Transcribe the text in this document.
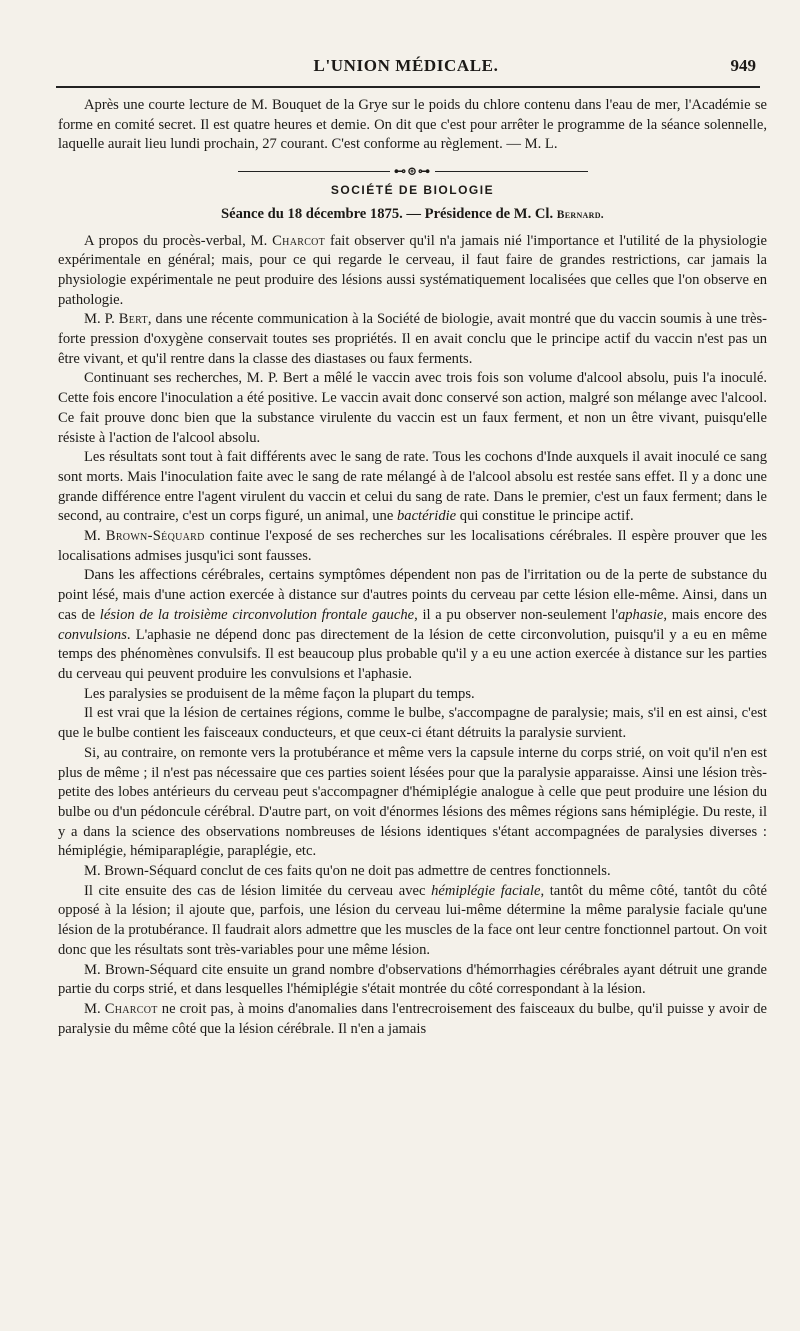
L'UNION MÉDICALE.	949

Après une courte lecture de M. Bouquet de la Grye sur le poids du chlore contenu dans l'eau de mer, l'Académie se forme en comité secret. Il est quatre heures et demie. On dit que c'est pour arrêter le programme de la séance solennelle, laquelle aurait lieu lundi prochain, 27 courant. C'est conforme au règlement. — M. L.

⊷⊚⊶
SOCIÉTÉ DE BIOLOGIE
Séance du 18 décembre 1875. — Présidence de M. Cl. Bernard.

A propos du procès-verbal, M. Charcot fait observer qu'il n'a jamais nié l'importance et l'utilité de la physiologie expérimentale en général; mais, pour ce qui regarde le cerveau, il faut faire de grandes restrictions, car jamais la physiologie expérimentale ne peut produire des lésions aussi systématiquement localisées que celles que l'on observe en pathologie.

M. P. Bert, dans une récente communication à la Société de biologie, avait montré que du vaccin soumis à une très-forte pression d'oxygène conservait toutes ses propriétés. Il en avait conclu que le principe actif du vaccin n'est pas un être vivant, et qu'il rentre dans la classe des diastases ou faux ferments.

Continuant ses recherches, M. P. Bert a mêlé le vaccin avec trois fois son volume d'alcool absolu, puis l'a inoculé. Cette fois encore l'inoculation a été positive. Le vaccin avait donc conservé son action, malgré son mélange avec l'alcool. Ce fait prouve donc bien que la substance virulente du vaccin est un faux ferment, et non un être vivant, puisqu'elle résiste à l'action de l'alcool absolu.

Les résultats sont tout à fait différents avec le sang de rate. Tous les cochons d'Inde auxquels il avait inoculé ce sang sont morts. Mais l'inoculation faite avec le sang de rate mélangé à de l'alcool absolu est restée sans effet. Il y a donc une grande différence entre l'agent virulent du vaccin et celui du sang de rate. Dans le premier, c'est un faux ferment; dans le second, au contraire, c'est un corps figuré, un animal, une bactéridie qui constitue le principe actif.

M. Brown-Séquard continue l'exposé de ses recherches sur les localisations cérébrales. Il espère prouver que les localisations admises jusqu'ici sont fausses.

Dans les affections cérébrales, certains symptômes dépendent non pas de l'irritation ou de la perte de substance du point lésé, mais d'une action exercée à distance sur d'autres points du cerveau par cette lésion elle-même. Ainsi, dans un cas de lésion de la troisième circonvolution frontale gauche, il a pu observer non-seulement l'aphasie, mais encore des convulsions. L'aphasie ne dépend donc pas directement de la lésion de cette circonvolution, puisqu'il y a eu en même temps des phénomènes convulsifs. Il est beaucoup plus probable qu'il y a eu une action exercée à distance sur les parties du cerveau qui peuvent produire les convulsions et l'aphasie.

Les paralysies se produisent de la même façon la plupart du temps.

Il est vrai que la lésion de certaines régions, comme le bulbe, s'accompagne de paralysie; mais, s'il en est ainsi, c'est que le bulbe contient les faisceaux conducteurs, et que ceux-ci étant détruits la paralysie survient.

Si, au contraire, on remonte vers la protubérance et même vers la capsule interne du corps strié, on voit qu'il n'en est plus de même ; il n'est pas nécessaire que ces parties soient lésées pour que la paralysie apparaisse. Ainsi une lésion très-petite des lobes antérieurs du cerveau peut s'accompagner d'hémiplégie analogue à celle que peut produire une lésion du bulbe ou d'un pédoncule cérébral. D'autre part, on voit d'énormes lésions des mêmes régions sans hémiplégie. Du reste, il y a dans la science des observations nombreuses de lésions identiques s'étant accompagnées de paralysies diverses : hémiplégie, hémiparaplégie, paraplégie, etc.

M. Brown-Séquard conclut de ces faits qu'on ne doit pas admettre de centres fonctionnels.

Il cite ensuite des cas de lésion limitée du cerveau avec hémiplégie faciale, tantôt du même côté, tantôt du côté opposé à la lésion; il ajoute que, parfois, une lésion du cerveau lui-même détermine la même paralysie faciale qu'une lésion de la protubérance. Il faudrait alors admettre que les muscles de la face ont leur centre fonctionnel partout. On voit donc que les résultats sont très-variables pour une même lésion.

M. Brown-Séquard cite ensuite un grand nombre d'observations d'hémorrhagies cérébrales ayant détruit une grande partie du corps strié, et dans lesquelles l'hémiplégie s'était montrée du côté correspondant à la lésion.

M. Charcot ne croit pas, à moins d'anomalies dans l'entrecroisement des faisceaux du bulbe, qu'il puisse y avoir de paralysie du même côté que la lésion cérébrale. Il n'en a jamais
